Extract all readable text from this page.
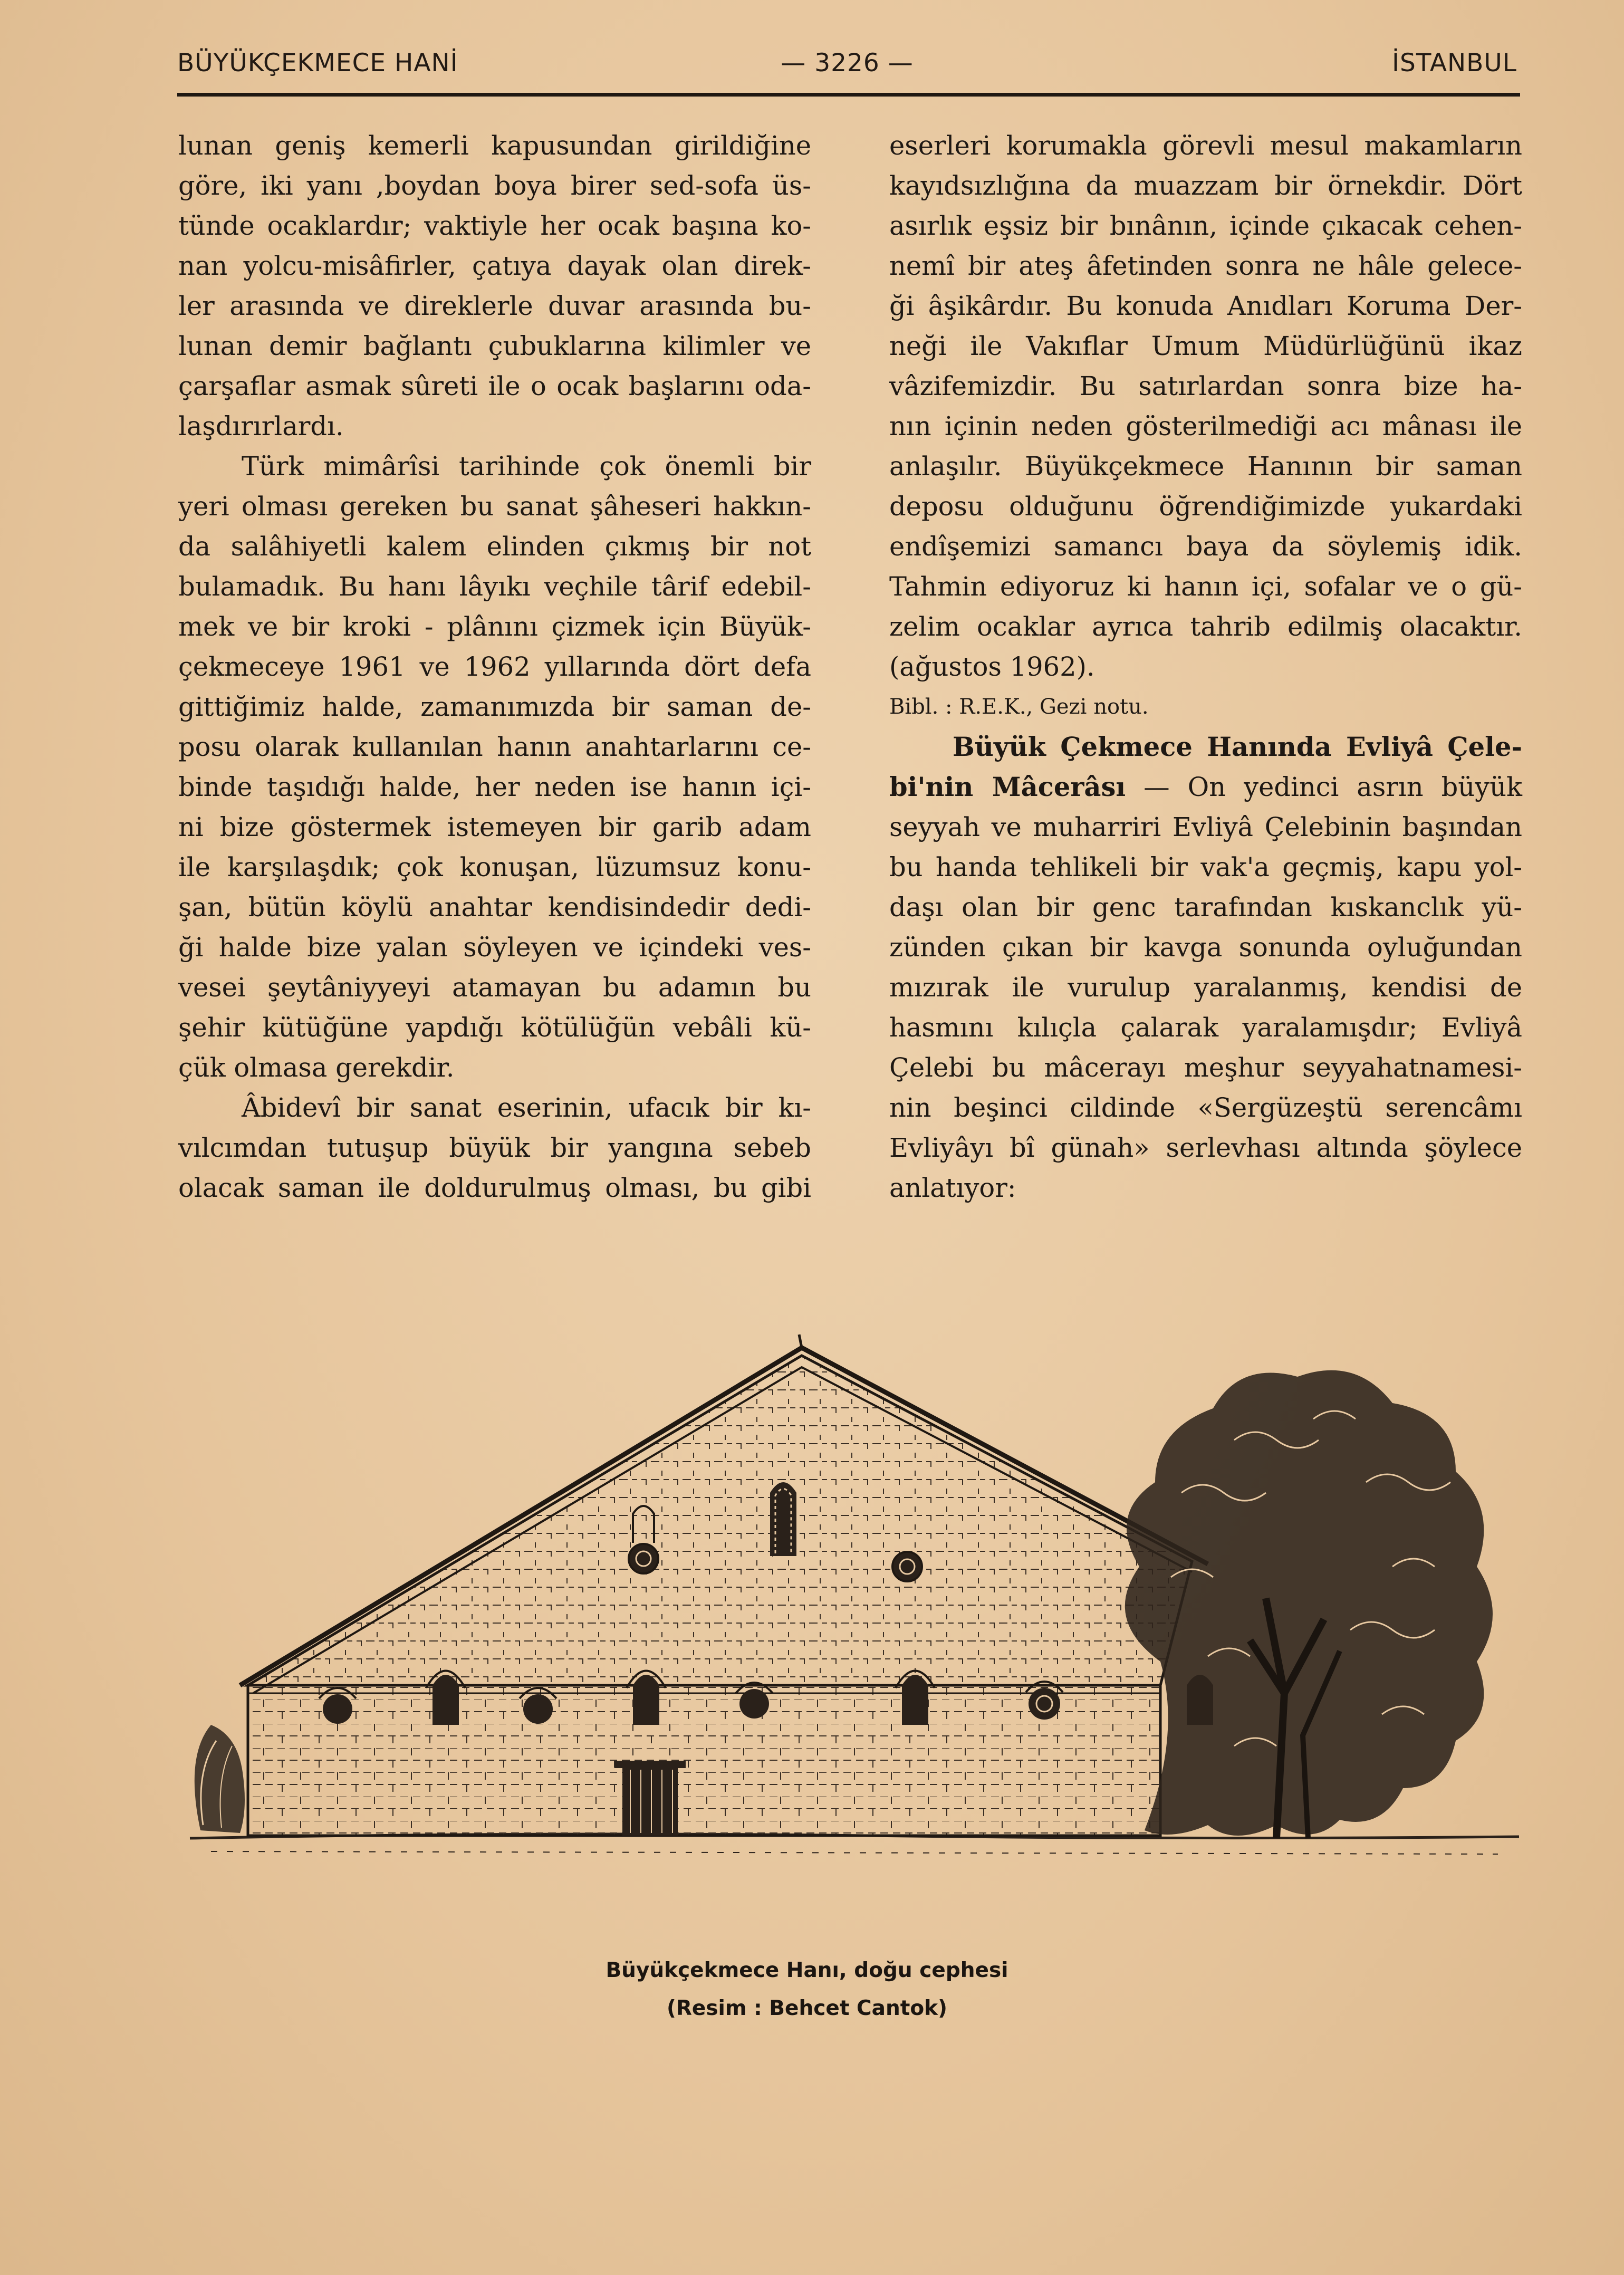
BÜYÜKÇEKMECE HANİ	— 3226 —	İSTANBUL

lunan geniş kemerli kapusundan girildiğine
göre, iki yanı ,boydan boya birer sed-sofa üs-
tünde ocaklardır; vaktiyle her ocak başına ko-
nan yolcu-misâfirler, çatıya dayak olan direk-
ler arasında ve direklerle duvar arasında bu-
lunan demir bağlantı çubuklarına kilimler ve
çarşaflar asmak sûreti ile o ocak başlarını oda-
laşdırırlardı.

Türk mimârîsi tarihinde çok önemli bir
yeri olması gereken bu sanat şâheseri hakkın-
da salâhiyetli kalem elinden çıkmış bir not
bulamadık. Bu hanı lâyıkı veçhile târif edebil-
mek ve bir kroki - plânını çizmek için Büyük-
çekmeceye 1961 ve 1962 yıllarında dört defa
gittiğimiz halde, zamanımızda bir saman de-
posu olarak kullanılan hanın anahtarlarını ce-
binde taşıdığı halde, her neden ise hanın içi-
ni bize göstermek istemeyen bir garib adam
ile karşılaşdık; çok konuşan, lüzumsuz konu-
şan, bütün köylü anahtar kendisindedir dedi-
ği halde bize yalan söyleyen ve içindeki ves-
vesei şeytâniyyeyi atamayan bu adamın bu
şehir kütüğüne yapdığı kötülüğün vebâli kü-
çük olmasa gerekdir.

Âbidevî bir sanat eserinin, ufacık bir kı-
vılcımdan tutuşup büyük bir yangına sebeb
olacak saman ile doldurulmuş olması, bu gibi

eserleri korumakla görevli mesul makamların
kayıdsızlığına da muazzam bir örnekdir. Dört
asırlık eşsiz bir bınânın, içinde çıkacak cehen-
nemî bir ateş âfetinden sonra ne hâle gelece-
ği âşikârdır. Bu konuda Anıdları Koruma Der-
neği ile Vakıflar Umum Müdürlüğünü ikaz
vâzifemizdir. Bu satırlardan sonra bize ha-
nın içinin neden gösterilmediği acı mânası ile
anlaşılır. Büyükçekmece Hanının bir saman
deposu olduğunu öğrendiğimizde yukardaki
endîşemizi samancı baya da söylemiş idik.
Tahmin ediyoruz ki hanın içi, sofalar ve o gü-
zelim ocaklar ayrıca tahrib edilmiş olacaktır.
(ağustos 1962).

Bibl. : R.E.K., Gezi notu.

Büyük Çekmece Hanında Evliyâ Çele-
bi'nin Mâcerâsı — On yedinci asrın büyük
seyyah ve muharriri Evliyâ Çelebinin başından
bu handa tehlikeli bir vak'a geçmiş, kapu yol-
daşı olan bir genc tarafından kıskanclık yü-
zünden çıkan bir kavga sonunda oyluğundan
mızırak ile vurulup yaralanmış, kendisi de
hasmını kılıçla çalarak yaralamışdır; Evliyâ
Çelebi bu mâcerayı meşhur seyyahatnamesi-
nin beşinci cildinde «Sergüzeştü serencâmı
Evliyâyı bî günah» serlevhası altında şöylece
anlatıyor:

Büyükçekmece Hanı, doğu cephesi
(Resim : Behcet Cantok)
